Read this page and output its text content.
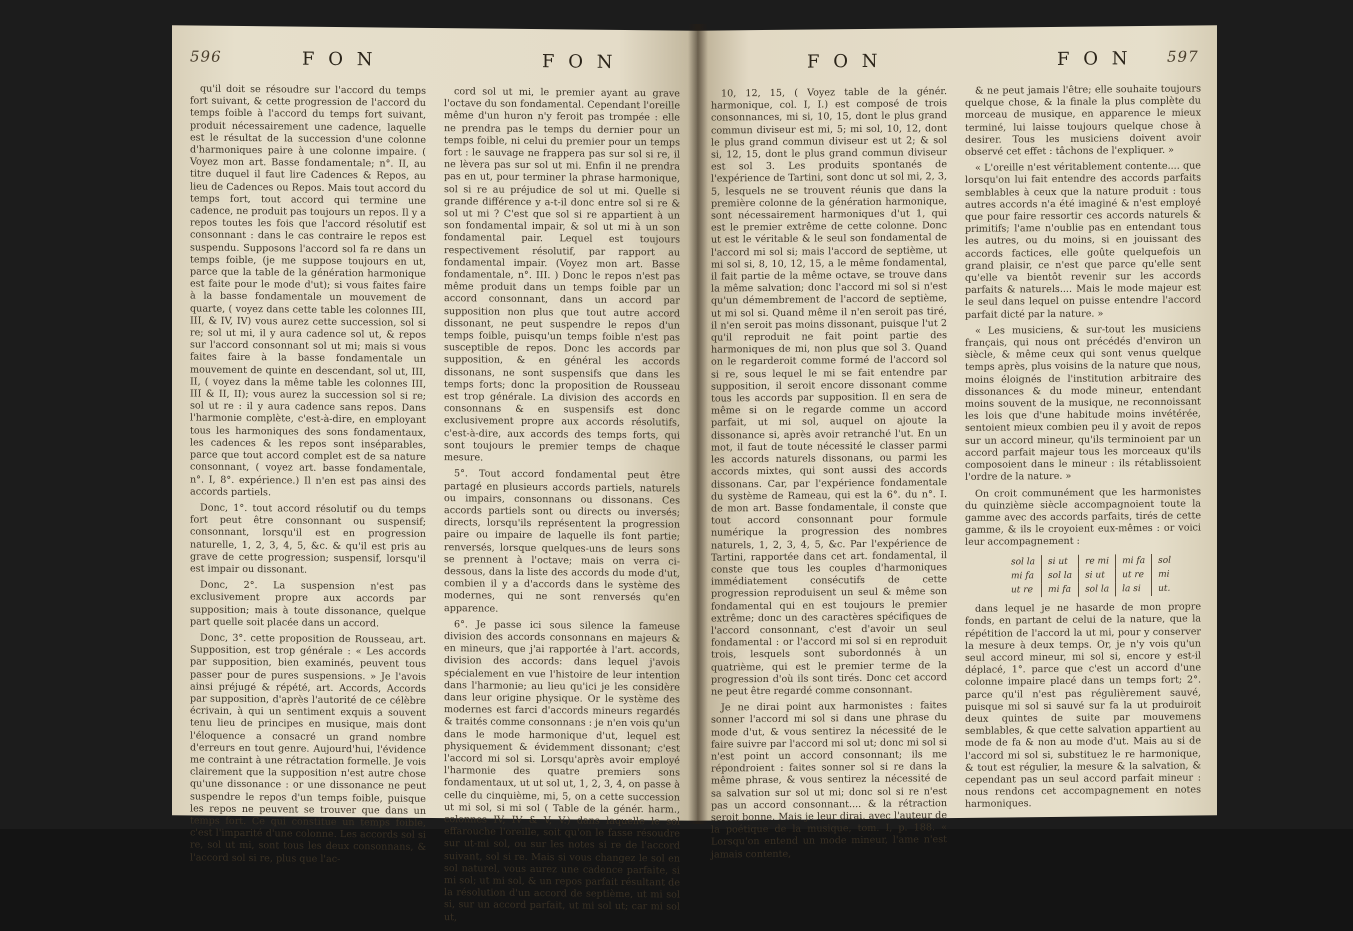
596	F O N	F O N

qu'il doit se résoudre sur l'accord du temps fort suivant, & cette progression de l'accord du temps foible à l'accord du temps fort suivant, produit nécessairement une cadence, laquelle est le résultat de la succession d'une colonne d'harmoniques paire à une colonne impaire. ( Voyez mon art. Basse fondamentale; n°. II, au titre duquel il faut lire Cadences & Repos, au lieu de Cadences ou Repos. Mais tout accord du temps fort, tout accord qui termine une cadence, ne produit pas toujours un repos. Il y a repos toutes les fois que l'accord résolutif est consonnant : dans le cas contraire le repos est suspendu. Supposons l'accord sol fa re dans un temps foible, (je me suppose toujours en ut, parce que la table de la génération harmonique est faite pour le mode d'ut); si vous faites faire à la basse fondamentale un mouvement de quarte, ( voyez dans cette table les colonnes III, III, & IV, IV) vous aurez cette succession, sol si re; sol ut mi, il y aura cadence sol ut, & repos sur l'accord consonnant sol ut mi; mais si vous faites faire à la basse fondamentale un mouvement de quinte en descendant, sol ut, III, II, ( voyez dans la même table les colonnes III, III & II, II); vous aurez la succession sol si re; sol ut re : il y aura cadence sans repos. Dans l'harmonie complète, c'est-à-dire, en employant tous les harmoniques des sons fondamentaux, les cadences & les repos sont inséparables, parce que tout accord complet est de sa nature consonnant, ( voyez art. basse fondamentale, n°. I, 8°. expérience.) Il n'en est pas ainsi des accords partiels.

Donc, 1°. tout accord résolutif ou du temps fort peut être consonnant ou suspensif; consonnant, lorsqu'il est en progression naturelle, 1, 2, 3, 4, 5, &c. & qu'il est pris au grave de cette progression; suspensif, lorsqu'il est impair ou dissonant.

Donc, 2°. La suspension n'est pas exclusivement propre aux accords par supposition; mais à toute dissonance, quelque part quelle soit placée dans un accord.

Donc, 3°. cette proposition de Rousseau, art. Supposition, est trop générale : « Les accords par supposition, bien examinés, peuvent tous passer pour de pures suspensions. » Je l'avois ainsi préjugé & répété, art. Accords, Accords par supposition, d'après l'autorité de ce célèbre écrivain, à qui un sentiment exquis a souvent tenu lieu de principes en musique, mais dont l'éloquence a consacré un grand nombre d'erreurs en tout genre. Aujourd'hui, l'évidence me contraint à une rétractation formelle. Je vois clairement que la supposition n'est autre chose qu'une dissonance : or une dissonance ne peut suspendre le repos d'un temps foible, puisque les repos ne peuvent se trouver que dans un temps fort. Ce qui constitue un temps foible, c'est l'imparité d'une colonne. Les accords sol si re, sol ut mi, sont tous les deux consonnans, & l'accord sol si re, plus que l'ac-

cord sol ut mi, le premier ayant au grave l'octave du son fondamental. Cependant l'oreille même d'un huron n'y feroit pas trompée : elle ne prendra pas le temps du dernier pour un temps foible, ni celui du premier pour un temps fort : le sauvage ne frappera pas sur sol si re, il ne lèvera pas sur sol ut mi. Enfin il ne prendra pas en ut, pour terminer la phrase harmonique, sol si re au préjudice de sol ut mi. Quelle si grande différence y a-t-il donc entre sol si re & sol ut mi ? C'est que sol si re appartient à un son fondamental impair, & sol ut mi à un son fondamental pair. Lequel est toujours respectivement résolutif, par rapport au fondamental impair. (Voyez mon art. Basse fondamentale, n°. III. ) Donc le repos n'est pas même produit dans un temps foible par un accord consonnant, dans un accord par supposition non plus que tout autre accord dissonant, ne peut suspendre le repos d'un temps foible, puisqu'un temps foible n'est pas susceptible de repos. Donc les accords par supposition, & en général les accords dissonans, ne sont suspensifs que dans les temps forts; donc la proposition de Rousseau est trop générale. La division des accords en consonnans & en suspensifs est donc exclusivement propre aux accords résolutifs, c'est-à-dire, aux accords des temps forts, qui sont toujours le premier temps de chaque mesure.

5°. Tout accord fondamental peut être partagé en plusieurs accords partiels, naturels ou impairs, consonnans ou dissonans. Ces accords partiels sont ou directs ou inversés; directs, lorsqu'ils représentent la progression paire ou impaire de laquelle ils font partie; renversés, lorsque quelques-uns de leurs sons se prennent à l'octave; mais on verra ci-dessous, dans la liste des accords du mode d'ut, combien il y a d'accords dans le système des modernes, qui ne sont renversés qu'en apparence.

6°. Je passe ici sous silence la fameuse division des accords consonnans en majeurs & en mineurs, que j'ai rapportée à l'art. accords, division des accords: dans lequel j'avois spécialement en vue l'histoire de leur intention dans l'harmonie; au lieu qu'ici je les considère dans leur origine physique. Or le système des modernes est farci d'accords mineurs regardés & traités comme consonnans : je n'en vois qu'un dans le mode harmonique d'ut, lequel est physiquement & évidemment dissonant; c'est l'accord mi sol si. Lorsqu'après avoir employé l'harmonie des quatre premiers sons fondamentaux, ut ut sol ut, 1, 2, 3, 4, on passe à celle du cinquième, mi, 5, on a cette succession ut mi sol, si mi sol ( Table de la génér. harm., colonnes IV, IV & V, V.) dans laquelle le sol effarouche l'oreille, soit qu'on le fasse résoudre sur ut-mi sol, ou sur les notes si re de l'accord suivant, sol si re. Mais si vous changez le sol en sol naturel, vous aurez une cadence parfaite, si mi sol; ut mi sol, & un repos parfait résultant de la résolution d'un accord de septième, ut mi sol si, sur un accord parfait, ut mi sol ut; car mi sol ut,

F O N	F O N 597

10, 12, 15, ( Voyez table de la génér. harmonique, col. I, I.) est composé de trois consonnances, mi si, 10, 15, dont le plus grand commun diviseur est mi, 5; mi sol, 10, 12, dont le plus grand commun diviseur est ut 2; & sol si, 12, 15, dont le plus grand commun diviseur est sol 3. Les produits spontanés de l'expérience de Tartini, sont donc ut sol mi, 2, 3, 5, lesquels ne se trouvent réunis que dans la première colonne de la génération harmonique, sont nécessairement harmoniques d'ut 1, qui est le premier extrême de cette colonne. Donc ut est le véritable & le seul son fondamental de l'accord mi sol si; mais l'accord de septième, ut mi sol si, 8, 10, 12, 15, a le même fondamental, il fait partie de la même octave, se trouve dans la même salvation; donc l'accord mi sol si n'est qu'un démembrement de l'accord de septième, ut mi sol si. Quand même il n'en seroit pas tiré, il n'en seroit pas moins dissonant, puisque l'ut 2 qu'il reproduit ne fait point partie des harmoniques de mi, non plus que sol 3. Quand on le regarderoit comme formé de l'accord sol si re, sous lequel le mi se fait entendre par supposition, il seroit encore dissonant comme tous les accords par supposition. Il en sera de même si on le regarde comme un accord parfait, ut mi sol, auquel on ajoute la dissonance si, après avoir retranché l'ut. En un mot, il faut de toute nécessité le classer parmi les accords naturels dissonans, ou parmi les accords mixtes, qui sont aussi des accords dissonans. Car, par l'expérience fondamentale du système de Rameau, qui est la 6°. du n°. I. de mon art. Basse fondamentale, il conste que tout accord consonnant pour formule numérique la progression des nombres naturels, 1, 2, 3, 4, 5, &c. Par l'expérience de Tartini, rapportée dans cet art. fondamental, il conste que tous les couples d'harmoniques immédiatement consécutifs de cette progression reproduisent un seul & même son fondamental qui en est toujours le premier extrême; donc un des caractères spécifiques de l'accord consonnant, c'est d'avoir un seul fondamental : or l'accord mi sol si en reproduit trois, lesquels sont subordonnés à un quatrième, qui est le premier terme de la progression d'où ils sont tirés. Donc cet accord ne peut être regardé comme consonnant.

Je ne dirai point aux harmonistes : faites sonner l'accord mi sol si dans une phrase du mode d'ut, & vous sentirez la nécessité de le faire suivre par l'accord mi sol ut; donc mi sol si n'est point un accord consonnant; ils me répondroient : faites sonner sol si re dans la même phrase, & vous sentirez la nécessité de sa salvation sur sol ut mi; donc sol si re n'est pas un accord consonnant.... & la rétraction seroit bonne. Mais je leur dirai, avec l'auteur de la poétique de la musique, tom. I, p. 188. « Lorsqu'on entend un mode mineur, l'ame n'est jamais contente,

& ne peut jamais l'être; elle souhaite toujours quelque chose, & la finale la plus complète du morceau de musique, en apparence le mieux terminé, lui laisse toujours quelque chose à desirer. Tous les musiciens doivent avoir observé cet effet : tâchons de l'expliquer. »

« L'oreille n'est véritablement contente.... que lorsqu'on lui fait entendre des accords parfaits semblables à ceux que la nature produit : tous autres accords n'a été imaginé & n'est employé que pour faire ressortir ces accords naturels & primitifs; l'ame n'oublie pas en entendant tous les autres, ou du moins, si en jouissant des accords factices, elle goûte quelquefois un grand plaisir, ce n'est que parce qu'elle sent qu'elle va bientôt revenir sur les accords parfaits & naturels.... Mais le mode majeur est le seul dans lequel on puisse entendre l'accord parfait dicté par la nature. »

« Les musiciens, & sur-tout les musiciens français, qui nous ont précédés d'environ un siècle, & même ceux qui sont venus quelque temps après, plus voisins de la nature que nous, moins éloignés de l'institution arbitraire des dissonances & du mode mineur, entendant moins souvent de la musique, ne reconnoissant les lois que d'une habitude moins invétérée, sentoient mieux combien peu il y avoit de repos sur un accord mineur, qu'ils terminoient par un accord parfait majeur tous les morceaux qu'ils composoient dans le mineur : ils rétablissoient l'ordre de la nature. »

On croit communément que les harmonistes du quinzième siècle accompagnoient toute la gamme avec des accords parfaits, tirés de cette gamme, & ils le croyoient eux-mêmes : or voici leur accompagnement :

sol la	si ut	re mi	mi fa	sol
mi fa	sol la	si ut	ut re	mi
ut re	mi fa	sol la	la si	ut.

dans lequel je ne hasarde de mon propre fonds, en partant de celui de la nature, que la répétition de l'accord la ut mi, pour y conserver la mesure à deux temps. Or, je n'y vois qu'un seul accord mineur, mi sol si, encore y est-il déplacé, 1°. parce que c'est un accord d'une colonne impaire placé dans un temps fort; 2°. parce qu'il n'est pas régulièrement sauvé, puisque mi sol si sauvé sur fa la ut produiroit deux quintes de suite par mouvemens semblables, & que cette salvation appartient au mode de fa & non au mode d'ut. Mais au si de l'accord mi sol si, substituez le re harmonique, & tout est régulier, la mesure & la salvation, & cependant pas un seul accord parfait mineur : nous rendons cet accompagnement en notes harmoniques.
